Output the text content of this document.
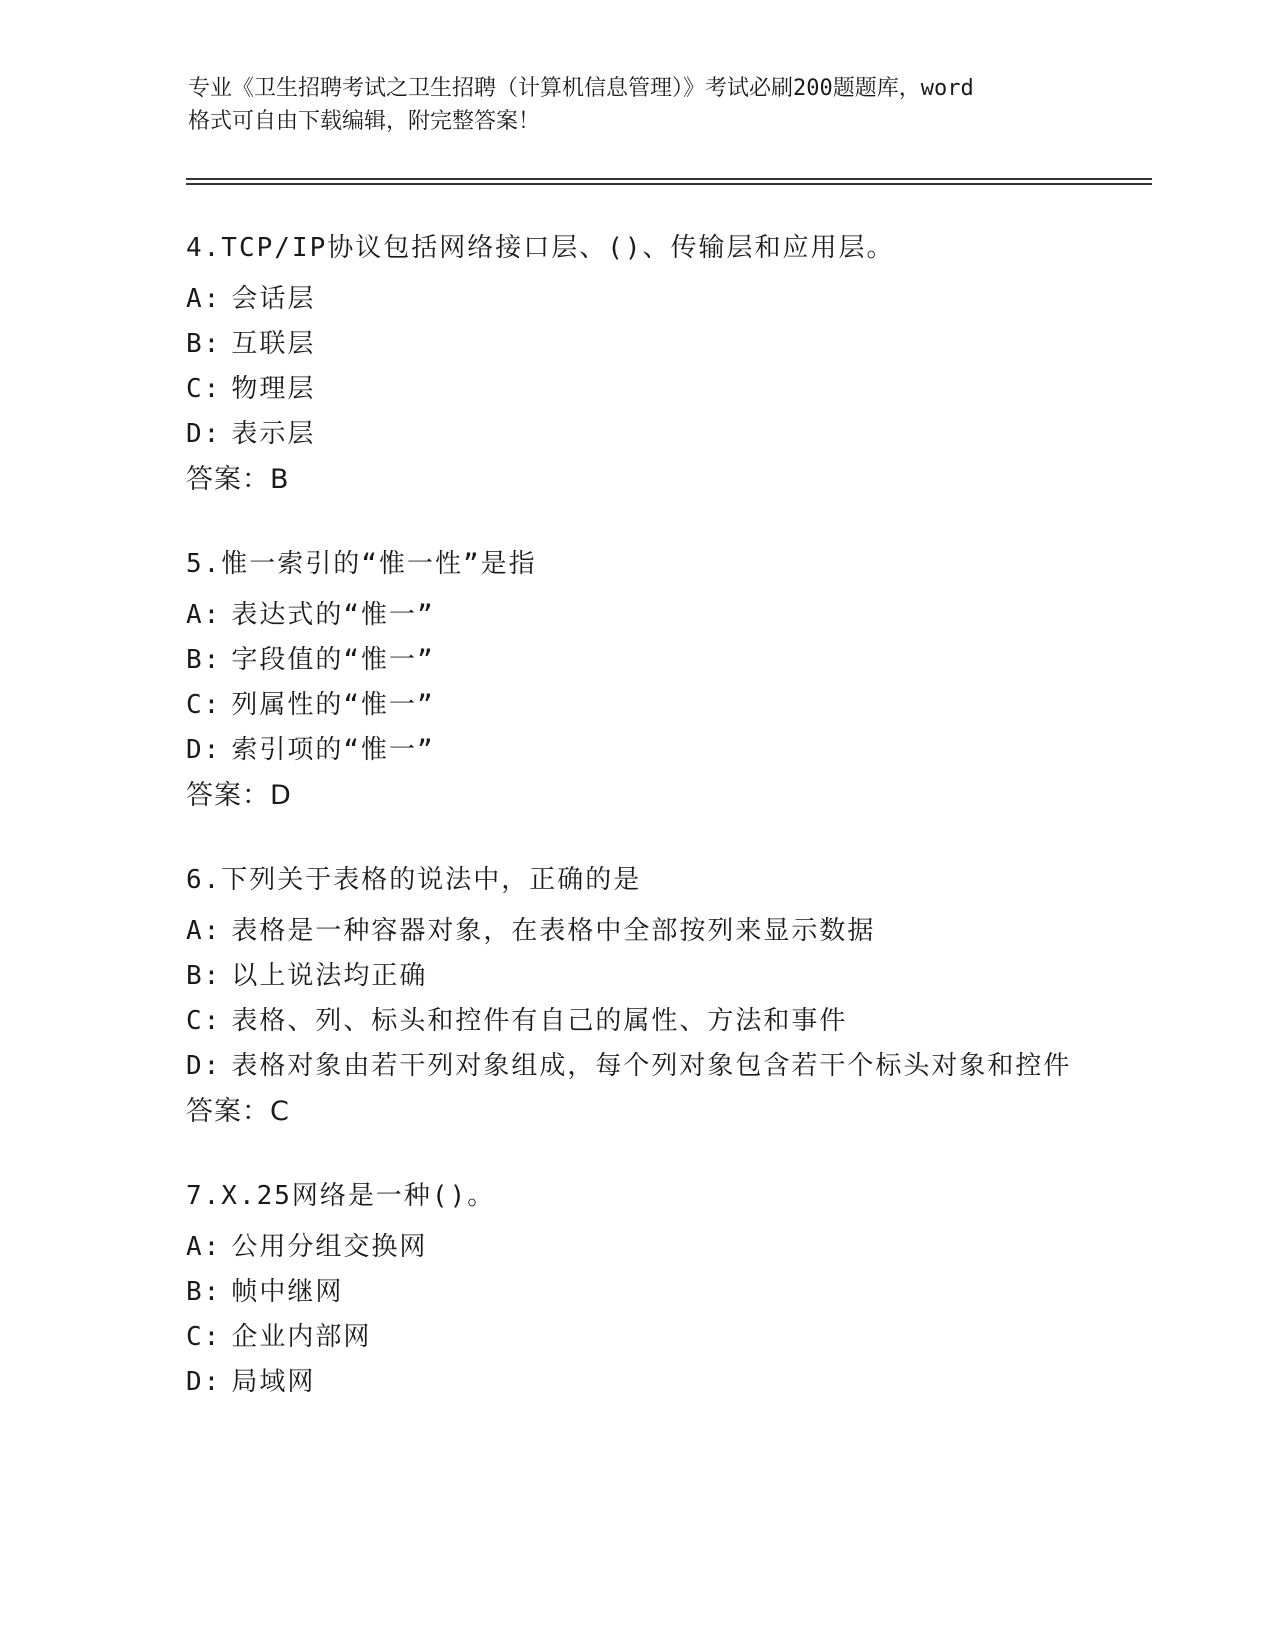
专业《卫生招聘考试之卫生招聘（计算机信息管理）》考试必刷200题题库，word
格式可自由下载编辑，附完整答案！
4.TCP/IP协议包括网络接口层、()、传输层和应用层。
A: 会话层
B: 互联层
C: 物理层
D: 表示层
答案：B
5.惟一索引的“惟一性”是指
A: 表达式的“惟一”
B: 字段值的“惟一”
C: 列属性的“惟一”
D: 索引项的“惟一”
答案：D
6.下列关于表格的说法中，正确的是
A: 表格是一种容器对象，在表格中全部按列来显示数据
B: 以上说法均正确
C: 表格、列、标头和控件有自己的属性、方法和事件
D: 表格对象由若干列对象组成，每个列对象包含若干个标头对象和控件
答案：C
7.X.25网络是一种()。
A: 公用分组交换网
B: 帧中继网
C: 企业内部网
D: 局域网
